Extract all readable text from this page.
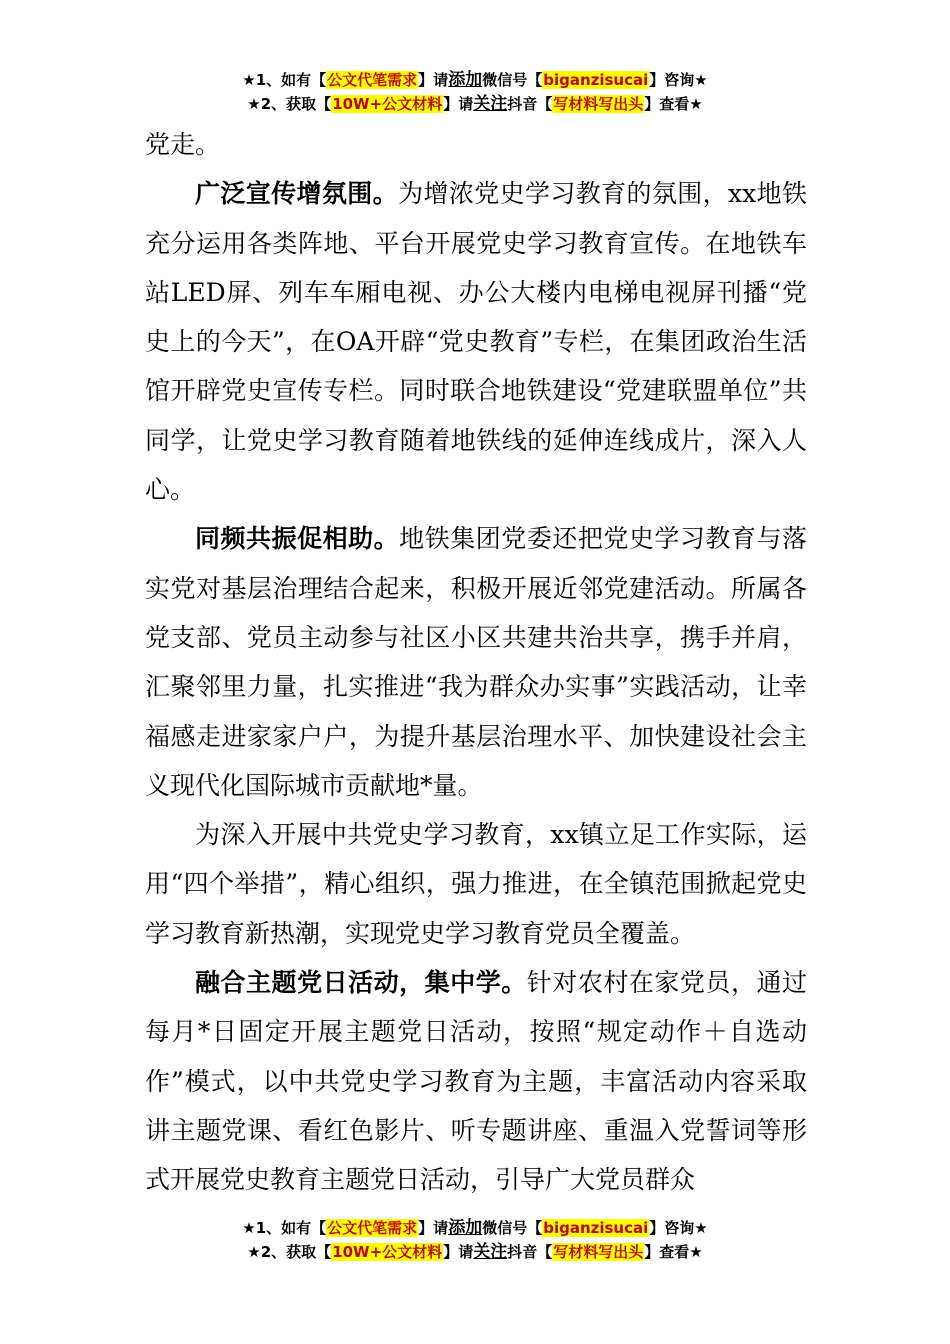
★1、如有【公文代笔需求】请添加微信号【biganzisucai】咨询★
★2、获取【10W+公文材料】请关注抖音【写材料写出头】查看★

党走。

广泛宣传增氛围。为增浓党史学习教育的氛围，xx地铁充分运用各类阵地、平台开展党史学习教育宣传。在地铁车站LED屏、列车车厢电视、办公大楼内电梯电视屏刊播“党史上的今天”，在OA开辟“党史教育”专栏，在集团政治生活馆开辟党史宣传专栏。同时联合地铁建设“党建联盟单位”共同学，让党史学习教育随着地铁线的延伸连线成片，深入人心。

同频共振促相助。地铁集团党委还把党史学习教育与落实党对基层治理结合起来，积极开展近邻党建活动。所属各党支部、党员主动参与社区小区共建共治共享，携手并肩，汇聚邻里力量，扎实推进“我为群众办实事”实践活动，让幸福感走进家家户户，为提升基层治理水平、加快建设社会主义现代化国际城市贡献地*量。

为深入开展中共党史学习教育，xx镇立足工作实际，运用“四个举措”，精心组织，强力推进，在全镇范围掀起党史学习教育新热潮，实现党史学习教育党员全覆盖。

融合主题党日活动，集中学。针对农村在家党员，通过每月*日固定开展主题党日活动，按照“规定动作＋自选动作”模式，以中共党史学习教育为主题，丰富活动内容采取讲主题党课、看红色影片、听专题讲座、重温入党誓词等形式开展党史教育主题党日活动，引导广大党员群众

★1、如有【公文代笔需求】请添加微信号【biganzisucai】咨询★
★2、获取【10W+公文材料】请关注抖音【写材料写出头】查看★
